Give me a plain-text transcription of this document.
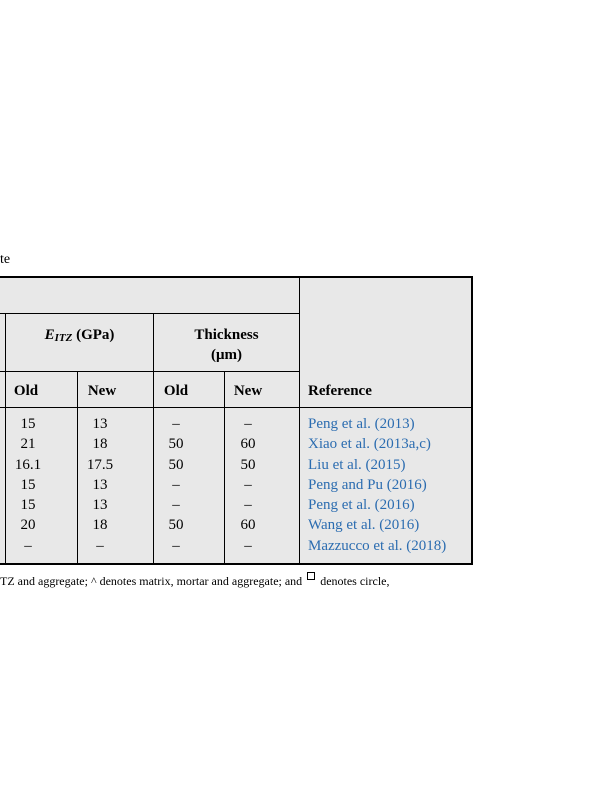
te
EITZ (GPa)	Thickness
(μm)
Old	New	Old	New	Reference
15	13	–	–	Peng et al. (2013)
21	18	50	60	Xiao et al. (2013a,c)
16.1	17.5	50	50	Liu et al. (2015)
15	13	–	–	Peng and Pu (2016)
15	13	–	–	Peng et al. (2016)
20	18	50	60	Wang et al. (2016)
–	–	–	–	Mazzucco et al. (2018)
TZ and aggregate; ^ denotes matrix, mortar and aggregate; and denotes circle,
